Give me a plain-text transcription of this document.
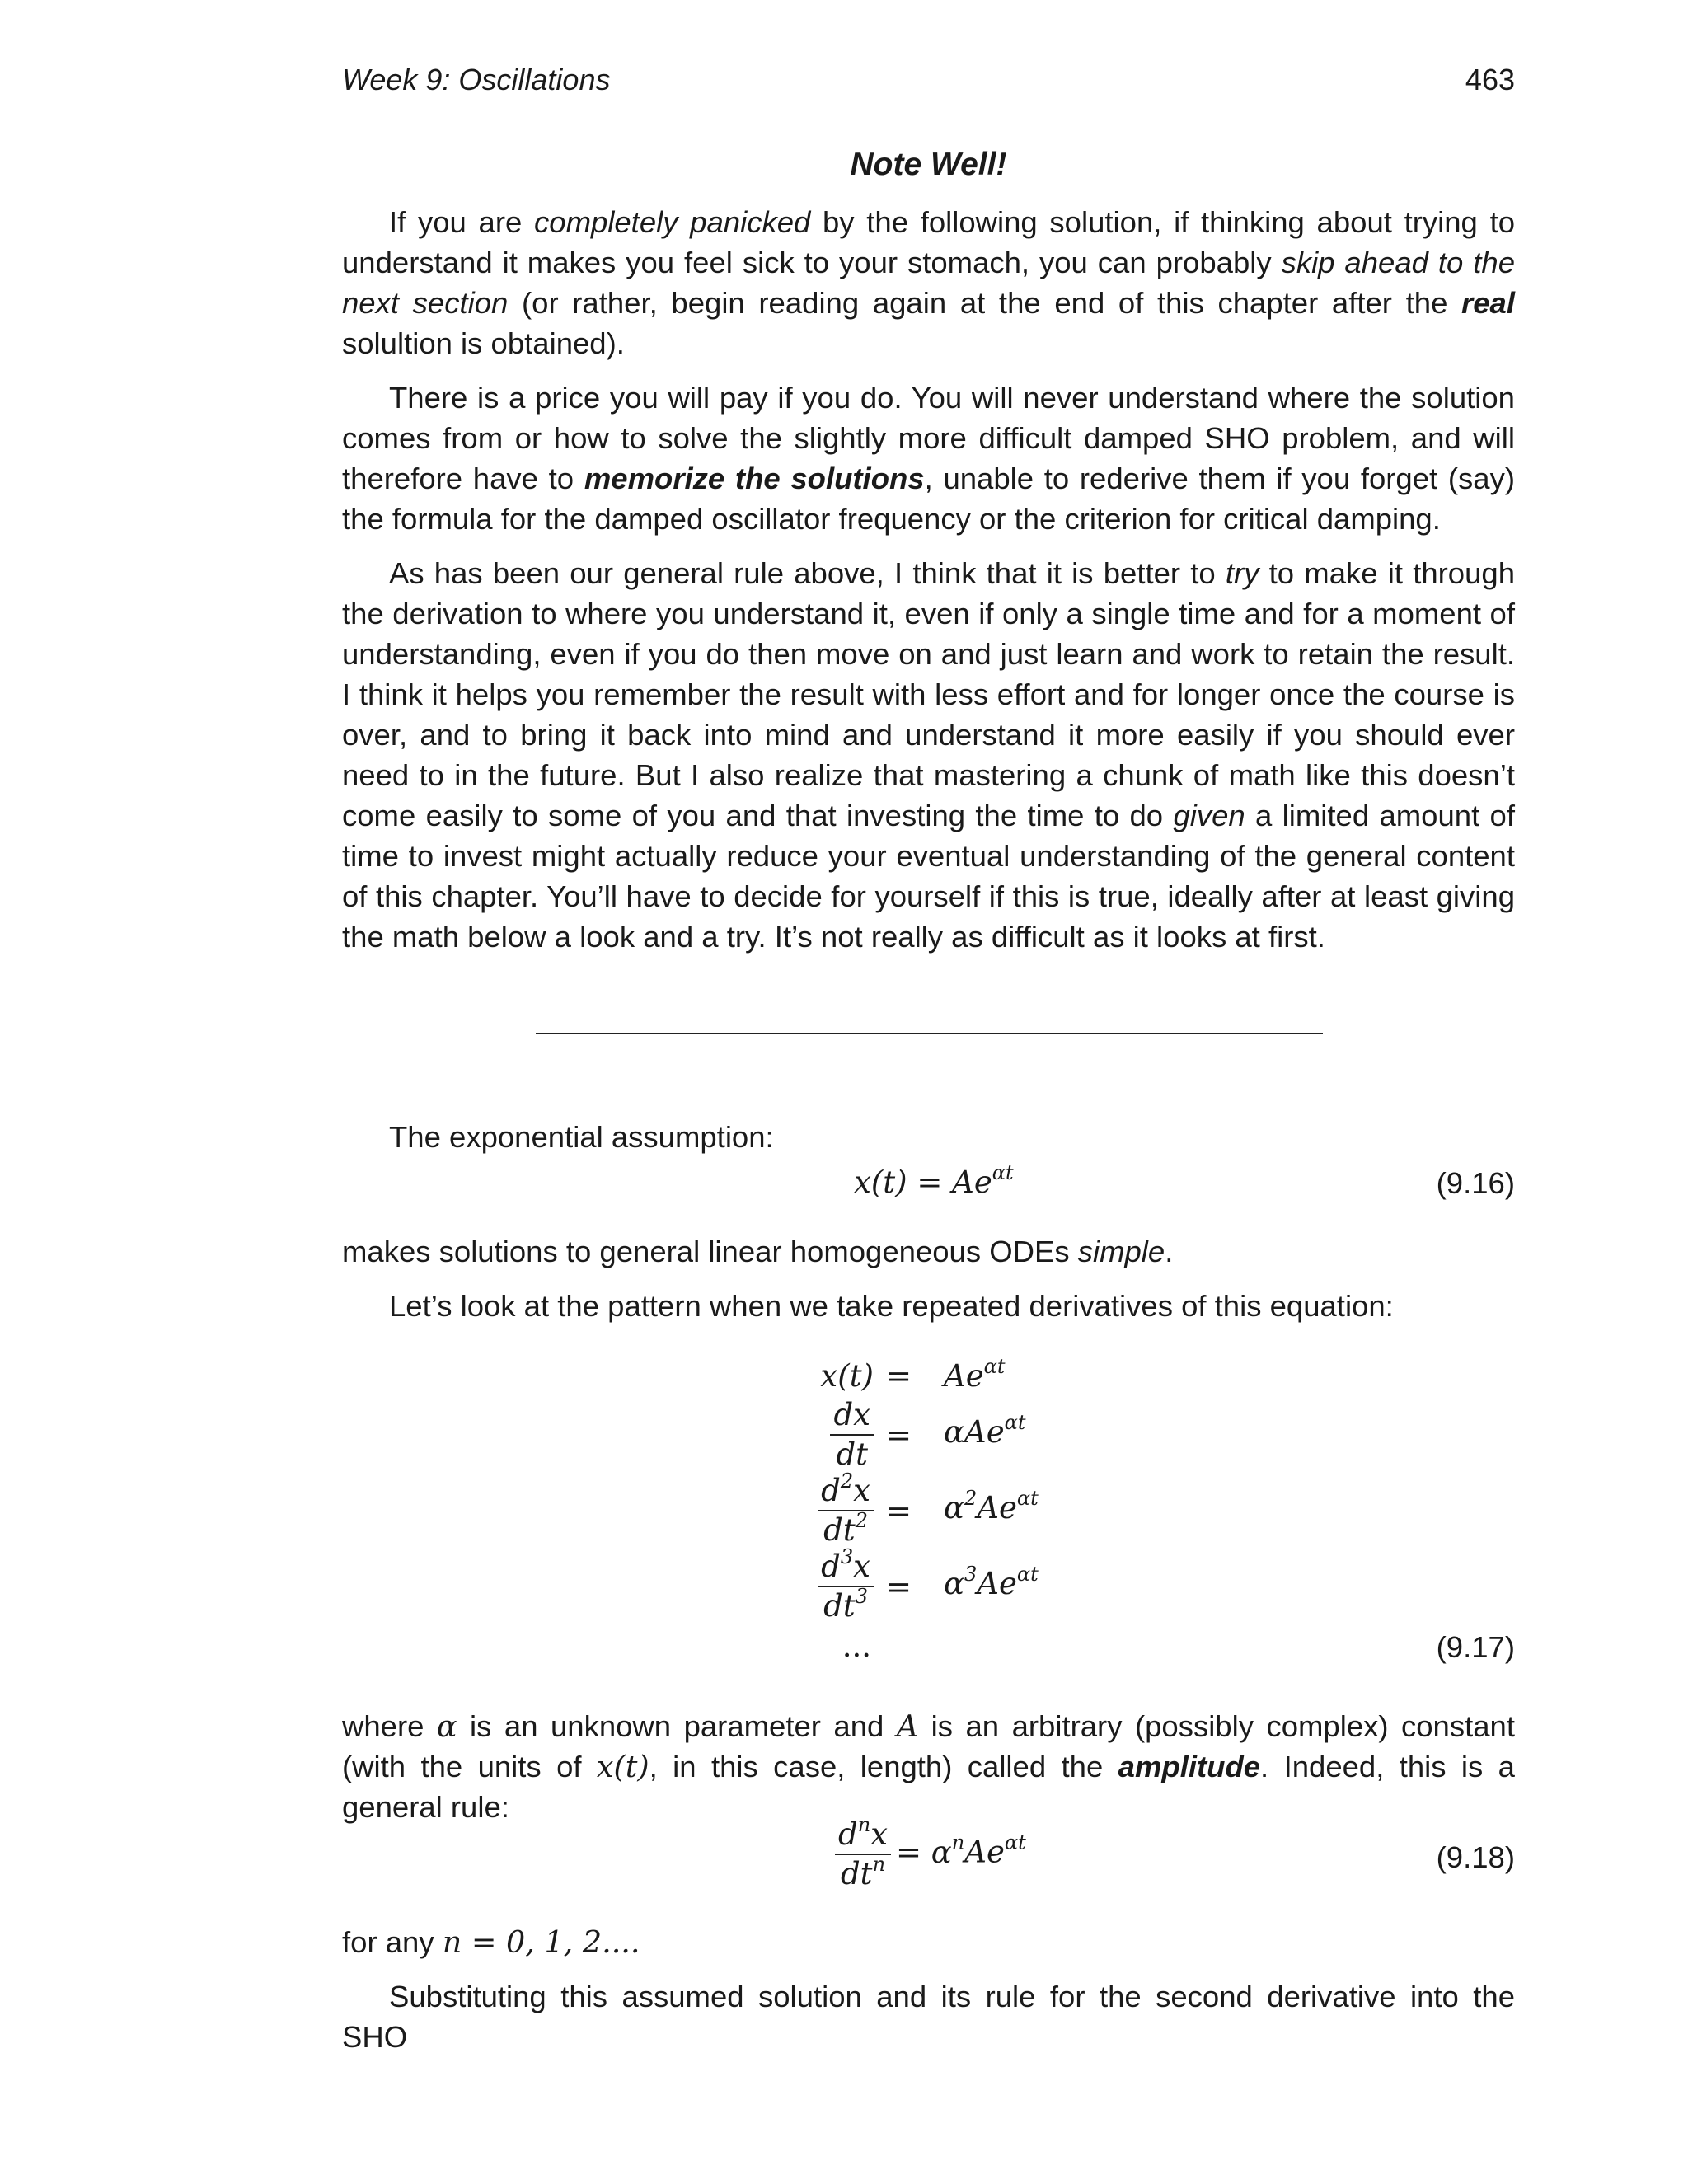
Week 9: Oscillations	463
Note Well!

If you are completely panicked by the following solution, if thinking about trying to understand it makes you feel sick to your stomach, you can probably skip ahead to the next section (or rather, begin reading again at the end of this chapter after the real solultion is obtained).

There is a price you will pay if you do. You will never understand where the solution comes from or how to solve the slightly more difficult damped SHO problem, and will therefore have to memorize the solutions, unable to rederive them if you forget (say) the formula for the damped oscillator frequency or the criterion for critical damping.

As has been our general rule above, I think that it is better to try to make it through the derivation to where you understand it, even if only a single time and for a moment of understanding, even if you do then move on and just learn and work to retain the result. I think it helps you remember the result with less effort and for longer once the course is over, and to bring it back into mind and understand it more easily if you should ever need to in the future. But I also realize that mastering a chunk of math like this doesn’t come easily to some of you and that investing the time to do given a limited amount of time to invest might actually reduce your eventual understanding of the general content of this chapter. You’ll have to decide for yourself if this is true, ideally after at least giving the math below a look and a try. It’s not really as difficult as it looks at first.

The exponential assumption:

$x(t) = Ae^{\alpha t}$	(9.16)

makes solutions to general linear homogeneous ODEs simple.

Let’s look at the pattern when we take repeated derivatives of this equation:

$x(t) = Ae^{\alpha t}$
$\frac{dx}{dt} = \alpha Ae^{\alpha t}$
$\frac{d^2x}{dt^2} = \alpha^2Ae^{\alpha t}$
$\frac{d^3x}{dt^3} = \alpha^3Ae^{\alpha t}$
...	(9.17)

where α is an unknown parameter and A is an arbitrary (possibly complex) constant (with the units of x(t), in this case, length) called the amplitude. Indeed, this is a general rule:

$\frac{d^nx}{dt^n} = \alpha^nAe^{\alpha t}$	(9.18)

for any n = 0, 1, 2....

Substituting this assumed solution and its rule for the second derivative into the SHO
